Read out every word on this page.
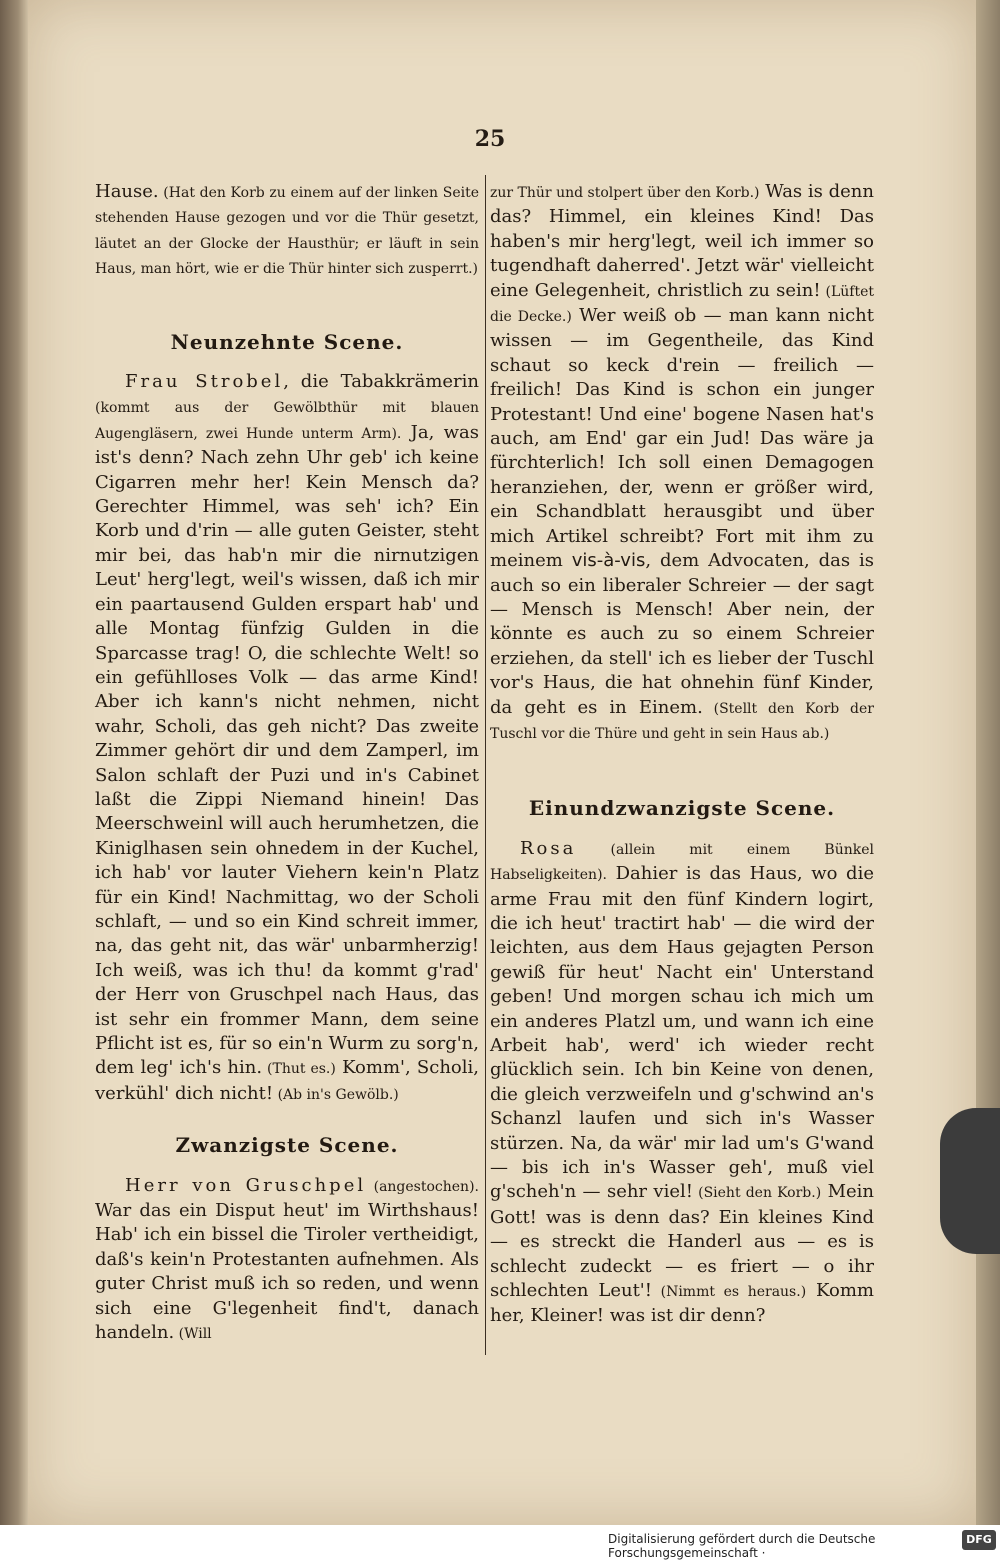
25

Hause. (Hat den Korb zu einem auf der linken Seite stehenden Hause gezogen und vor die Thür gesetzt, läutet an der Glocke der Hausthür; er läuft in sein Haus, man hört, wie er die Thür hinter sich zusperrt.)

Neunzehnte Scene.

Frau Strobel, die Tabakkrämerin (kommt aus der Gewölbthür mit blauen Augengläsern, zwei Hunde unterm Arm). Ja, was ist's denn? Nach zehn Uhr geb' ich keine Cigarren mehr her! Kein Mensch da? Gerechter Himmel, was seh' ich? Ein Korb und d'rin — alle guten Geister, steht mir bei, das hab'n mir die nirnutzigen Leut' herg'legt, weil's wissen, daß ich mir ein paartausend Gulden erspart hab' und alle Montag fünfzig Gulden in die Sparcasse trag! O, die schlechte Welt! so ein gefühlloses Volk — das arme Kind! Aber ich kann's nicht nehmen, nicht wahr, Scholi, das geh nicht? Das zweite Zimmer gehört dir und dem Zamperl, im Salon schlaft der Puzi und in's Cabinet laßt die Zippi Niemand hinein! Das Meerschweinl will auch herumhetzen, die Kiniglhasen sein ohnedem in der Kuchel, ich hab' vor lauter Viehern kein'n Platz für ein Kind! Nachmittag, wo der Scholi schlaft, — und so ein Kind schreit immer, na, das geht nit, das wär' unbarmherzig! Ich weiß, was ich thu! da kommt g'rad' der Herr von Gruschpel nach Haus, das ist sehr ein frommer Mann, dem seine Pflicht ist es, für so ein'n Wurm zu sorg'n, dem leg' ich's hin. (Thut es.) Komm', Scholi, verkühl' dich nicht! (Ab in's Gewölb.)

Zwanzigste Scene.

Herr von Gruschpel (angestochen). War das ein Disput heut' im Wirthshaus! Hab' ich ein bissel die Tiroler vertheidigt, daß's kein'n Protestanten aufnehmen. Als guter Christ muß ich so reden, und wenn sich eine G'legenheit find't, danach handeln. (Will

zur Thür und stolpert über den Korb.) Was is denn das? Himmel, ein kleines Kind! Das haben's mir herg'legt, weil ich immer so tugendhaft daherred'. Jetzt wär' vielleicht eine Gelegenheit, christlich zu sein! (Lüftet die Decke.) Wer weiß ob — man kann nicht wissen — im Gegentheile, das Kind schaut so keck d'rein — freilich — freilich! Das Kind is schon ein junger Protestant! Und eine' bogene Nasen hat's auch, am End' gar ein Jud! Das wäre ja fürchterlich! Ich soll einen Demagogen heranziehen, der, wenn er größer wird, ein Schandblatt herausgibt und über mich Artikel schreibt? Fort mit ihm zu meinem vis-à-vis, dem Advocaten, das is auch so ein liberaler Schreier — der sagt — Mensch is Mensch! Aber nein, der könnte es auch zu so einem Schreier erziehen, da stell' ich es lieber der Tuschl vor's Haus, die hat ohnehin fünf Kinder, da geht es in Einem. (Stellt den Korb der Tuschl vor die Thüre und geht in sein Haus ab.)

Einundzwanzigste Scene.

Rosa (allein mit einem Bünkel Habseligkeiten). Dahier is das Haus, wo die arme Frau mit den fünf Kindern logirt, die ich heut' tractirt hab' — die wird der leichten, aus dem Haus gejagten Person gewiß für heut' Nacht ein' Unterstand geben! Und morgen schau ich mich um ein anderes Platzl um, und wann ich eine Arbeit hab', werd' ich wieder recht glücklich sein. Ich bin Keine von denen, die gleich verzweifeln und g'schwind an's Schanzl laufen und sich in's Wasser stürzen. Na, da wär' mir lad um's G'wand — bis ich in's Wasser geh', muß viel g'scheh'n — sehr viel! (Sieht den Korb.) Mein Gott! was is denn das? Ein kleines Kind — es streckt die Handerl aus — es is schlecht zudeckt — es friert — o ihr schlechten Leut'! (Nimmt es heraus.) Komm her, Kleiner! was ist dir denn?

Digitalisierung gefördert durch die Deutsche Forschungsgemeinschaft ·
DFG
